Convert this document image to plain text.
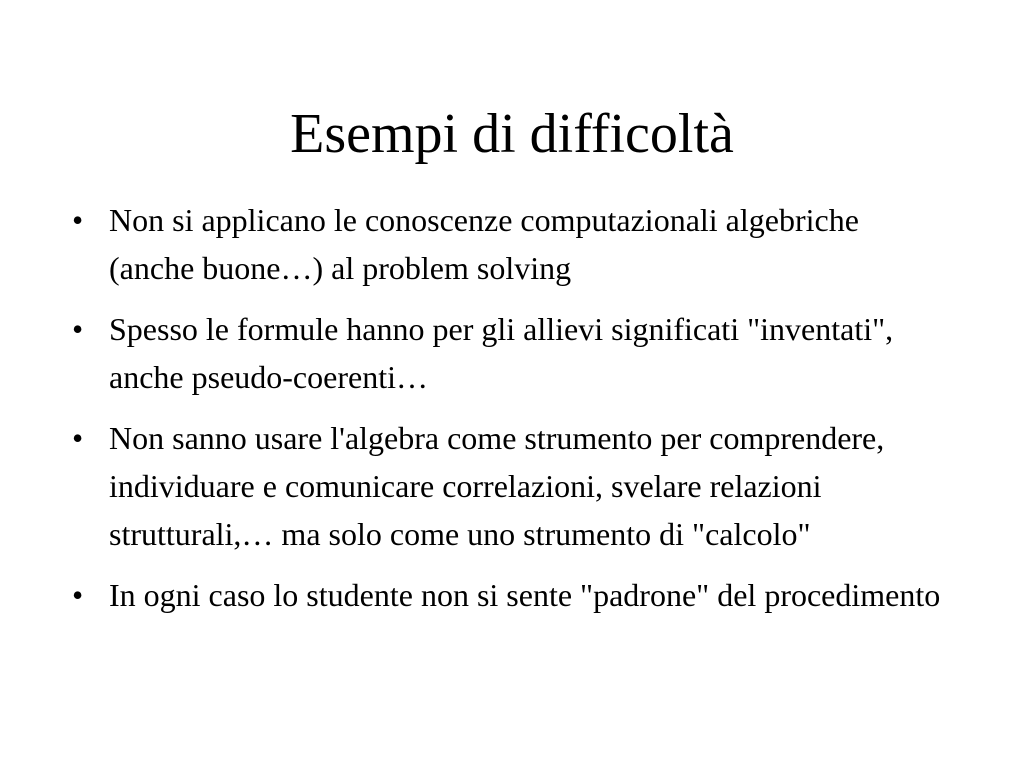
Esempi di difficoltà
• Non si applicano le conoscenze computazionali algebriche (anche buone…) al problem solving
• Spesso le formule hanno per gli allievi significati "inventati", anche pseudo-coerenti…
• Non sanno usare l'algebra come strumento per comprendere, individuare e comunicare correlazioni, svelare relazioni strutturali,… ma solo come uno strumento di "calcolo"
• In ogni caso lo studente non si sente "padrone" del procedimento
